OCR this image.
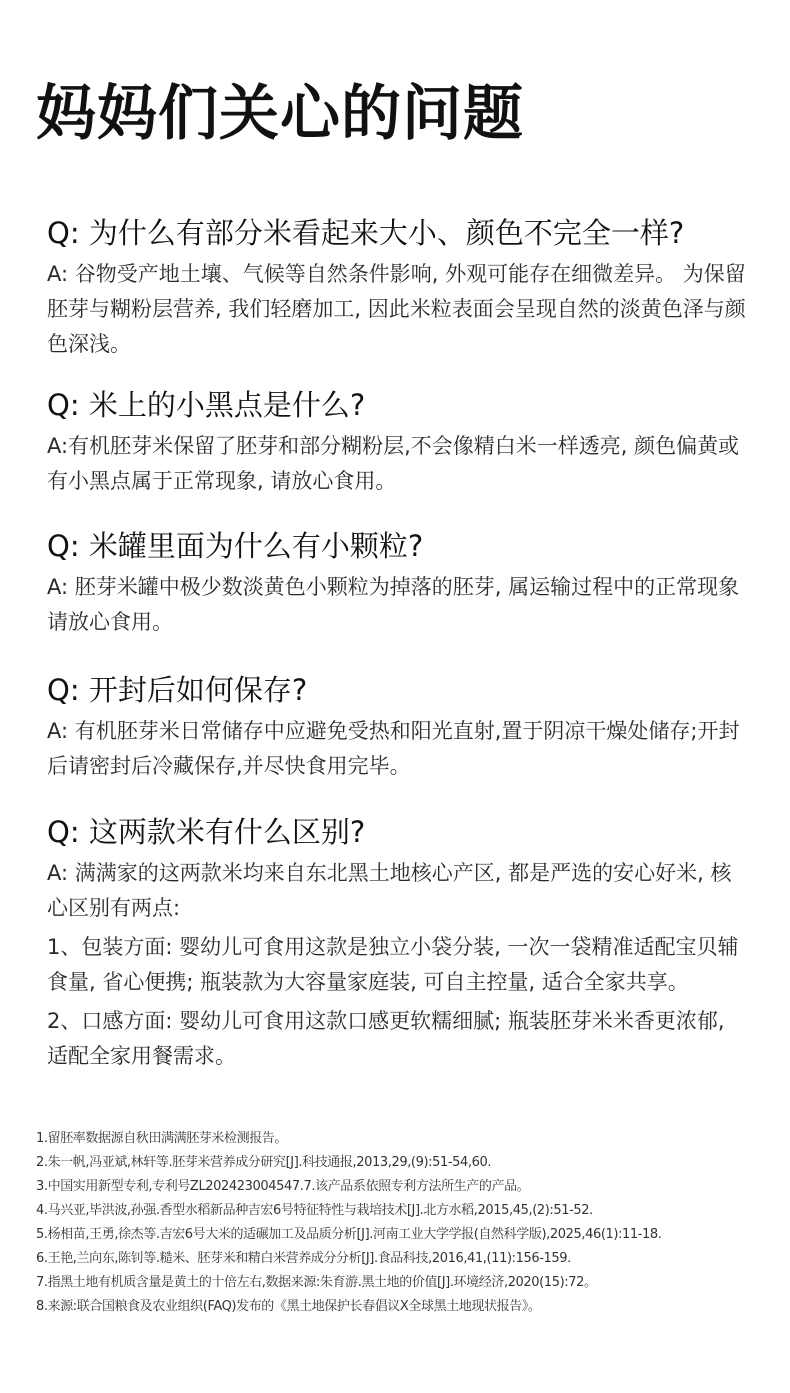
妈妈们关心的问题
Q: 为什么有部分米看起来大小、颜色不完全一样?

A: 谷物受产地土壤、气候等自然条件影响, 外观可能存在细微差异。 为保留胚芽与糊粉层营养, 我们轻磨加工, 因此米粒表面会呈现自然的淡黄色泽与颜色深浅。

Q: 米上的小黑点是什么?

A:有机胚芽米保留了胚芽和部分糊粉层,不会像精白米一样透亮, 颜色偏黄或有小黑点属于正常现象, 请放心食用。

Q: 米罐里面为什么有小颗粒?

A: 胚芽米罐中极少数淡黄色小颗粒为掉落的胚芽, 属运输过程中的正常现象请放心食用。

Q: 开封后如何保存?

A: 有机胚芽米日常储存中应避免受热和阳光直射,置于阴凉干燥处储存;开封后请密封后冷藏保存,并尽快食用完毕。

Q: 这两款米有什么区别?

A: 满满家的这两款米均来自东北黑土地核心产区, 都是严选的安心好米, 核心区别有两点:

1、包装方面: 婴幼儿可食用这款是独立小袋分装, 一次一袋精准适配宝贝辅食量, 省心便携; 瓶装款为大容量家庭装, 可自主控量, 适合全家共享。

2、口感方面: 婴幼儿可食用这款口感更软糯细腻; 瓶装胚芽米米香更浓郁, 适配全家用餐需求。

1.留胚率数据源自秋田满满胚芽米检测报告。
2.朱一帆,冯亚斌,林轩等.胚芽米营养成分研究[J].科技通报,2013,29,(9):51-54,60.
3.中国实用新型专利,专利号ZL202423004547.7.该产品系依照专利方法所生产的产品。
4.马兴亚,毕洪波,孙强.香型水稻新品种吉宏6号特征特性与栽培技术[J].北方水稻,2015,45,(2):51-52.
5.杨相苗,王勇,徐杰等.吉宏6号大米的适碾加工及品质分析[J].河南工业大学学报(自然科学版),2025,46(1):11-18.
6.王艳,兰向东,陈钊等.糙米、胚芽米和精白米营养成分分析[J].食品科技,2016,41,(11):156-159.
7.指黑土地有机质含量是黄土的十倍左右,数据来源:朱育游.黑土地的价值[J].环境经济,2020(15):72。
8.来源:联合国粮食及农业组织(FAQ)发布的《黑土地保护长春倡议X全球黑土地现状报告》。
